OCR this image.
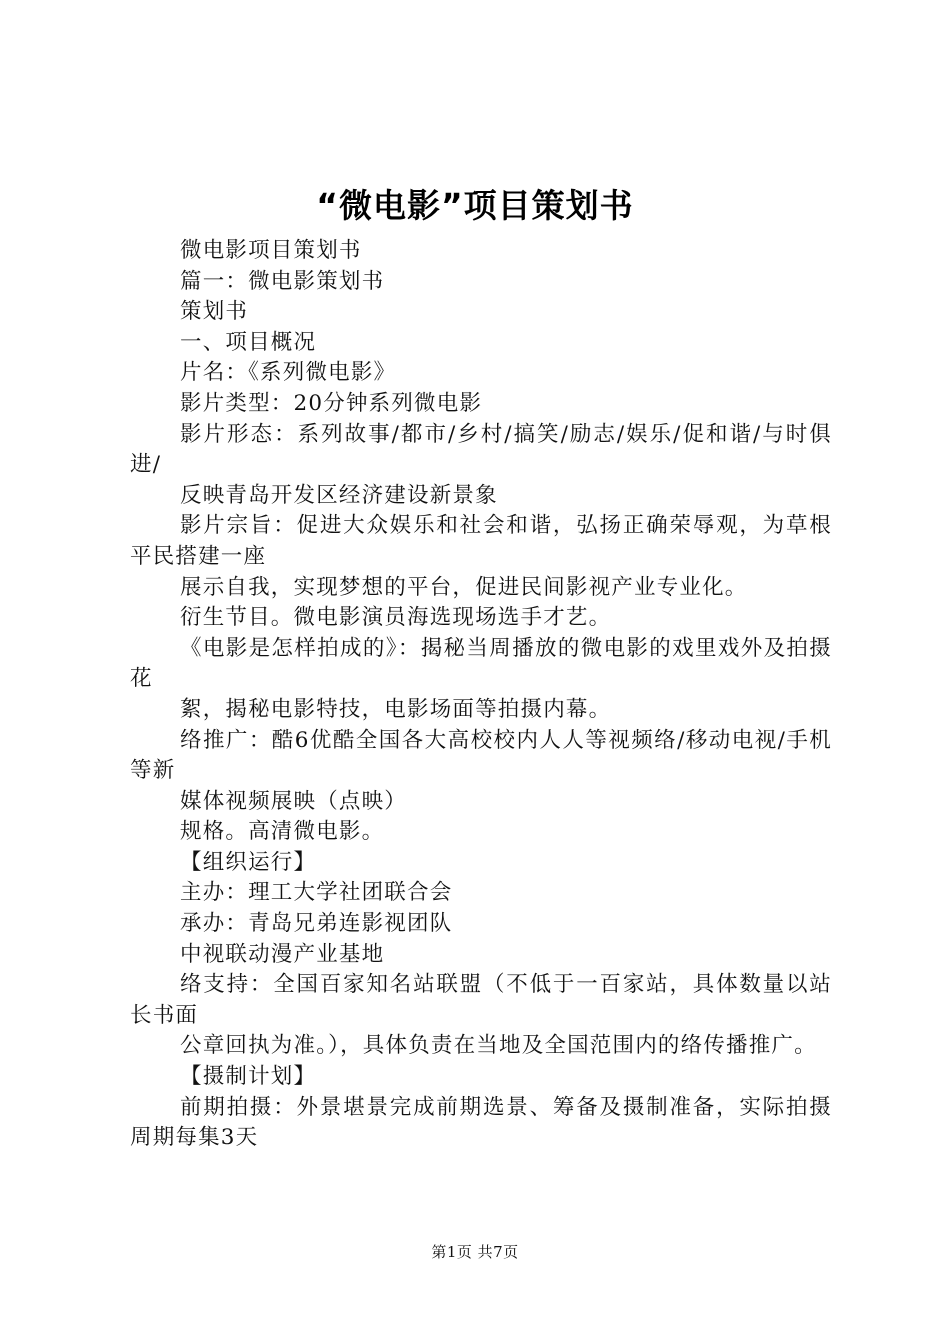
“微电影”项目策划书

微电影项目策划书

篇一：微电影策划书

策划书

一、项目概况

片名：《系列微电影》

影片类型：20分钟系列微电影

影片形态：系列故事/都市/乡村/搞笑/励志/娱乐/促和谐/与时俱进/

反映青岛开发区经济建设新景象

影片宗旨：促进大众娱乐和社会和谐，弘扬正确荣辱观，为草根平民搭建一座

展示自我，实现梦想的平台，促进民间影视产业专业化。

衍生节目。微电影演员海选现场选手才艺。

《电影是怎样拍成的》：揭秘当周播放的微电影的戏里戏外及拍摄花

絮，揭秘电影特技，电影场面等拍摄内幕。

络推广：酷6优酷全国各大高校校内人人等视频络/移动电视/手机等新

媒体视频展映（点映）

规格。高清微电影。

【组织运行】

主办：理工大学社团联合会

承办：青岛兄弟连影视团队

中视联动漫产业基地

络支持：全国百家知名站联盟（不低于一百家站，具体数量以站长书面

公章回执为准。），具体负责在当地及全国范围内的络传播推广。

【摄制计划】

前期拍摄：外景堪景完成前期选景、筹备及摄制准备，实际拍摄周期每集3天

第1页 共7页
